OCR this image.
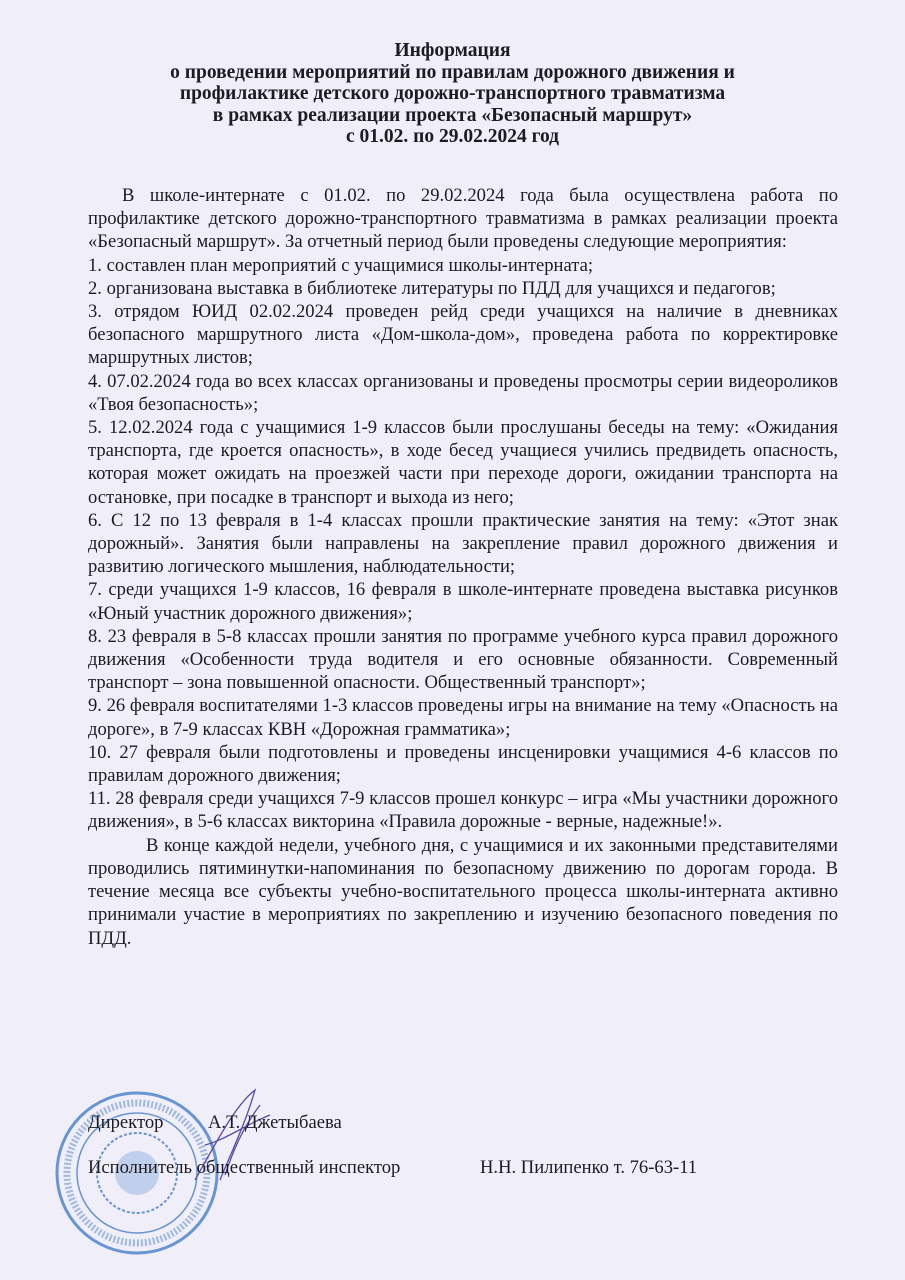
Информация
о проведении мероприятий по правилам дорожного движения и
профилактике детского дорожно-транспортного травматизма
в рамках реализации проекта «Безопасный маршрут»
с 01.02. по 29.02.2024 год
В школе-интернате с 01.02. по 29.02.2024 года была осуществлена работа по профилактике детского дорожно-транспортного травматизма в рамках реализации проекта «Безопасный маршрут». За отчетный период были проведены следующие мероприятия:
1. составлен план мероприятий с учащимися школы-интерната;
2. организована выставка в библиотеке литературы по ПДД для учащихся и педагогов;
3. отрядом ЮИД 02.02.2024 проведен рейд среди учащихся на наличие в дневниках безопасного маршрутного листа «Дом-школа-дом», проведена работа по корректировке маршрутных листов;
4. 07.02.2024 года во всех классах организованы и проведены просмотры серии видеороликов «Твоя безопасность»;
5. 12.02.2024 года с учащимися 1-9 классов были прослушаны беседы на тему: «Ожидания транспорта, где кроется опасность», в ходе бесед учащиеся учились предвидеть опасность, которая может ожидать на проезжей части при переходе дороги, ожидании транспорта на остановке, при посадке в транспорт и выхода из него;
6. С 12 по 13 февраля в 1-4 классах прошли практические занятия на тему: «Этот знак дорожный». Занятия были направлены на закрепление правил дорожного движения и развитию логического мышления, наблюдательности;
7. среди учащихся 1-9 классов, 16 февраля в школе-интернате проведена выставка рисунков «Юный участник дорожного движения»;
8. 23 февраля в 5-8 классах прошли занятия по программе учебного курса правил дорожного движения «Особенности труда водителя и его основные обязанности. Современный транспорт – зона повышенной опасности. Общественный транспорт»;
9. 26 февраля воспитателями 1-3 классов проведены игры на внимание на тему «Опасность на дороге», в 7-9 классах КВН «Дорожная грамматика»;
10. 27 февраля были подготовлены и проведены инсценировки учащимися 4-6 классов по правилам дорожного движения;
11. 28 февраля среди учащихся 7-9 классов прошел конкурс – игра «Мы участники дорожного движения», в 5-6 классах викторина «Правила дорожные - верные, надежные!».
В конце каждой недели, учебного дня, с учащимися и их законными представителями проводились пятиминутки-напоминания по безопасному движению по дорогам города. В течение месяца все субъекты учебно-воспитательного процесса школы-интерната активно принимали участие в мероприятиях по закреплению и изучению безопасного поведения по ПДД.
Директор А.Т. Джетыбаева
Исполнитель общественный инспектор	Н.Н. Пилипенко т. 76-63-11
